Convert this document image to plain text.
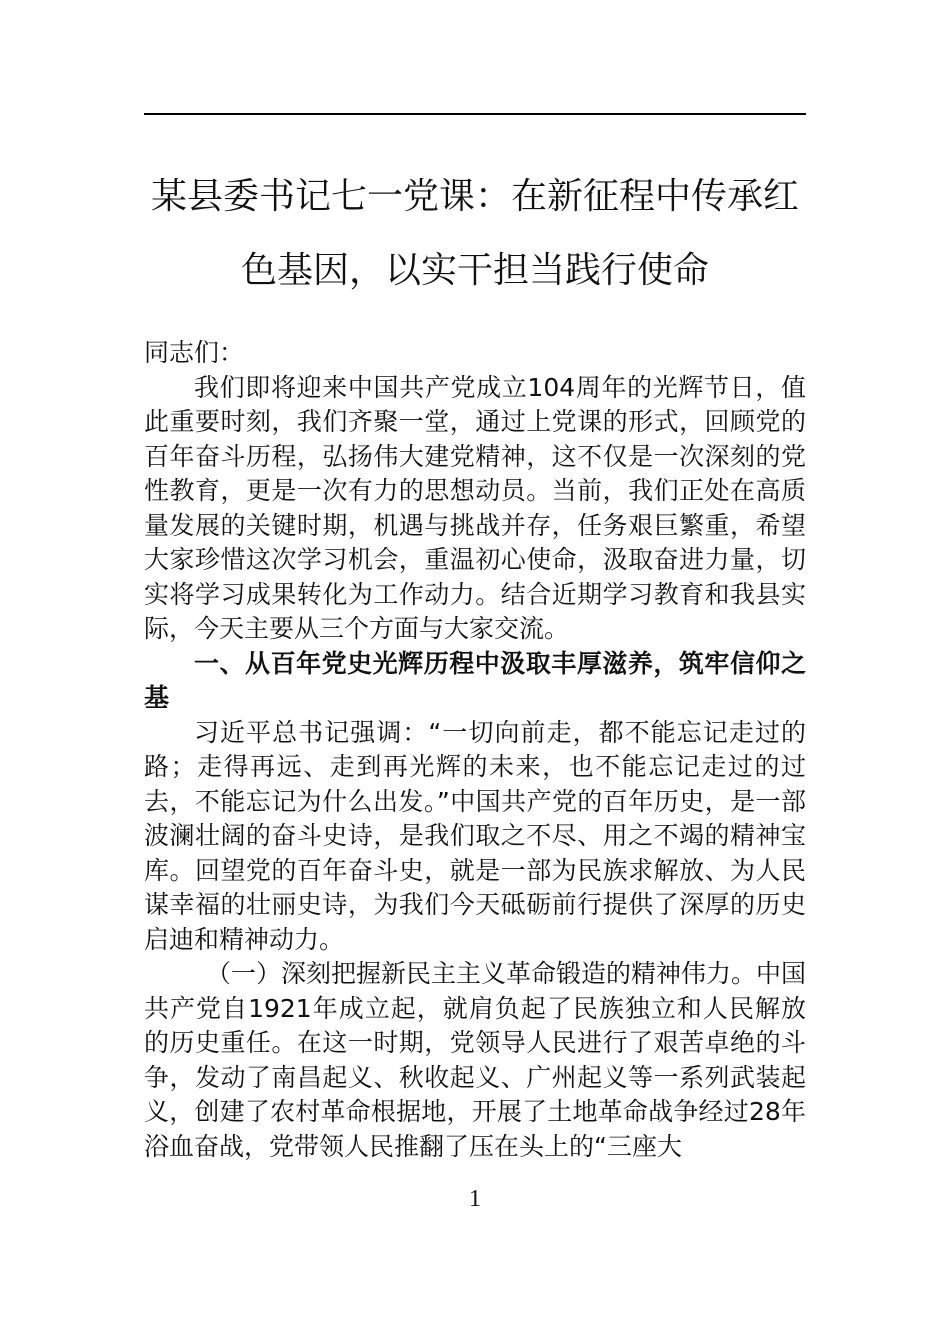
某县委书记七一党课：在新征程中传承红
色基因，以实干担当践行使命

同志们：

我们即将迎来中国共产党成立104周年的光辉节日，值此重要时刻，我们齐聚一堂，通过上党课的形式，回顾党的百年奋斗历程，弘扬伟大建党精神，这不仅是一次深刻的党性教育，更是一次有力的思想动员。当前，我们正处在高质量发展的关键时期，机遇与挑战并存，任务艰巨繁重，希望大家珍惜这次学习机会，重温初心使命，汲取奋进力量，切实将学习成果转化为工作动力。结合近期学习教育和我县实际，今天主要从三个方面与大家交流。

一、从百年党史光辉历程中汲取丰厚滋养，筑牢信仰之基

习近平总书记强调：“一切向前走，都不能忘记走过的路；走得再远、走到再光辉的未来，也不能忘记走过的过去，不能忘记为什么出发。”中国共产党的百年历史，是一部波澜壮阔的奋斗史诗，是我们取之不尽、用之不竭的精神宝库。回望党的百年奋斗史，就是一部为民族求解放、为人民谋幸福的壮丽史诗，为我们今天砥砺前行提供了深厚的历史启迪和精神动力。

（一）深刻把握新民主主义革命锻造的精神伟力。中国共产党自1921年成立起，就肩负起了民族独立和人民解放的历史重任。在这一时期，党领导人民进行了艰苦卓绝的斗争，发动了南昌起义、秋收起义、广州起义等一系列武装起义，创建了农村革命根据地，开展了土地革命战争经过28年浴血奋战，党带领人民推翻了压在头上的“三座大

1
